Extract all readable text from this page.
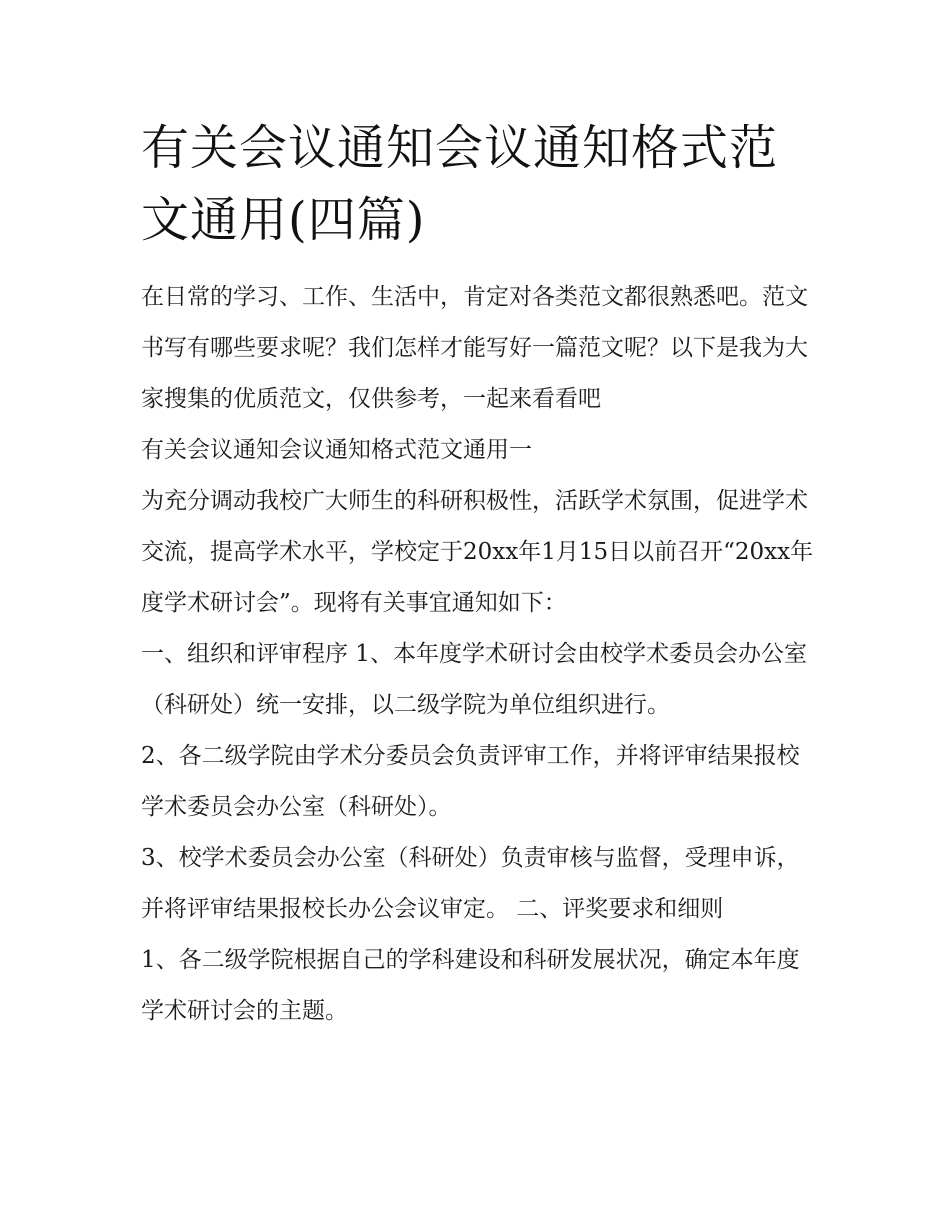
有关会议通知会议通知格式范文通用(四篇)

在日常的学习、工作、生活中，肯定对各类范文都很熟悉吧。范文书写有哪些要求呢？我们怎样才能写好一篇范文呢？以下是我为大家搜集的优质范文，仅供参考，一起来看看吧

有关会议通知会议通知格式范文通用一

为充分调动我校广大师生的科研积极性，活跃学术氛围，促进学术交流，提高学术水平，学校定于20xx年1月15日以前召开“20xx年度学术研讨会”。现将有关事宜通知如下：

一、组织和评审程序 1、本年度学术研讨会由校学术委员会办公室（科研处）统一安排，以二级学院为单位组织进行。

2、各二级学院由学术分委员会负责评审工作，并将评审结果报校学术委员会办公室（科研处）。

3、校学术委员会办公室（科研处）负责审核与监督，受理申诉，并将评审结果报校长办公会议审定。 二、评奖要求和细则

1、各二级学院根据自己的学科建设和科研发展状况，确定本年度学术研讨会的主题。
